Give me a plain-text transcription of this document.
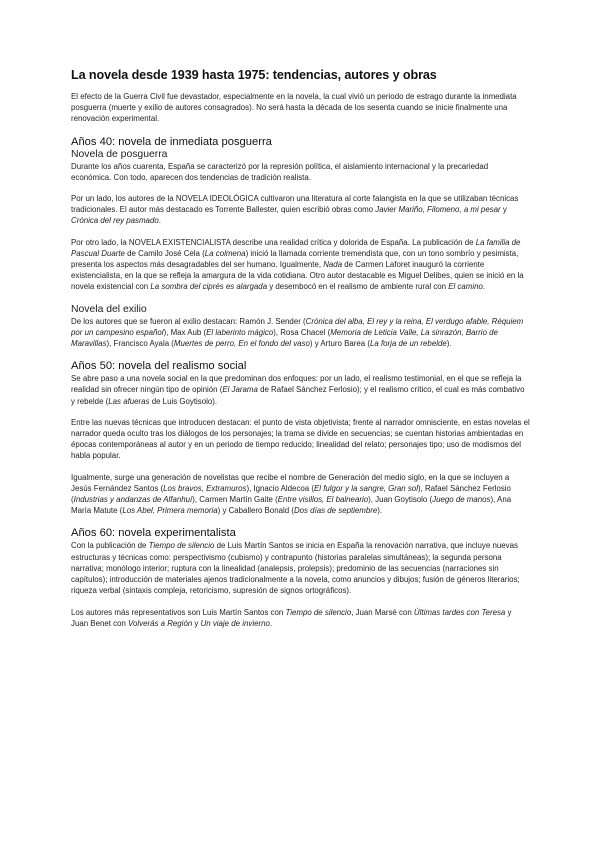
La novela desde 1939 hasta 1975: tendencias, autores y obras

El efecto de la Guerra Civil fue devastador, especialmente en la novela, la cual vivió un periodo de estrago durante la inmediata posguerra (muerte y exilio de autores consagrados). No será hasta la década de los sesenta cuando se inicie finalmente una renovación experimental.

Años 40: novela de inmediata posguerra
Novela de posguerra

Durante los años cuarenta, España se caracterizó por la represión política, el aislamiento internacional y la precariedad económica. Con todo, aparecen dos tendencias de tradición realista.

Por un lado, los autores de la NOVELA IDEOLÓGICA cultivaron una literatura al corte falangista en la que se utilizaban técnicas tradicionales. El autor más destacado es Torrente Ballester, quien escribió obras como Javier Mariño, Filomeno, a mi pesar y Crónica del rey pasmado.

Por otro lado, la NOVELA EXISTENCIALISTA describe una realidad crítica y dolorida de España. La publicación de La familia de Pascual Duarte de Camilo José Cela (La colmena) inició la llamada corriente tremendista que, con un tono sombrío y pesimista, presenta los aspectos más desagradables del ser humano. Igualmente, Nada de Carmen Laforet inauguró la corriente existencialista, en la que se refleja la amargura de la vida cotidiana. Otro autor destacable es Miguel Delibes, quien se inició en la novela existencial con La sombra del ciprés es alargada y desembocó en el realismo de ambiente rural con El camino.

Novela del exilio

De los autores que se fueron al exilio destacan: Ramón J. Sender (Crónica del alba, El rey y la reina, El verdugo afable, Réquiem por un campesino español), Max Aub (El laberinto mágico), Rosa Chacel (Memoria de Leticia Valle, La sinrazón, Barrio de Maravillas), Francisco Ayala (Muertes de perro, En el fondo del vaso) y Arturo Barea (La forja de un rebelde).

Años 50: novela del realismo social

Se abre paso a una novela social en la que predominan dos enfoques: por un lado, el realismo testimonial, en el que se refleja la realidad sin ofrecer ningún tipo de opinión (El Jarama de Rafael Sánchez Ferlosio); y el realismo crítico, el cual es más combativo y rebelde (Las afueras de Luis Goytisolo).

Entre las nuevas técnicas que introducen destacan: el punto de vista objetivista; frente al narrador omnisciente, en estas novelas el narrador queda oculto tras los diálogos de los personajes; la trama se divide en secuencias; se cuentan historias ambientadas en épocas contemporáneas al autor y en un periodo de tiempo reducido; linealidad del relato; personajes tipo; uso de modismos del habla popular.

Igualmente, surge una generación de novelistas que recibe el nombre de Generación del medio siglo, en la que se incluyen a Jesús Fernández Santos (Los bravos, Extramuros), Ignacio Aldecoa (El fulgor y la sangre, Gran sol), Rafael Sánchez Ferlosio (Industrias y andanzas de Alfanhuí), Carmen Martín Gaite (Entre visillos, El balneario), Juan Goytisolo (Juego de manos), Ana María Matute (Los Abel, Primera memoria) y Caballero Bonald (Dos días de septiembre).

Años 60: novela experimentalista

Con la publicación de Tiempo de silencio de Luis Martín Santos se inicia en España la renovación narrativa, que incluye nuevas estructuras y técnicas como: perspectivismo (cubismo) y contrapunto (historias paralelas simultáneas); la segunda persona narrativa; monólogo interior; ruptura con la linealidad (analepsis, prolepsis); predominio de las secuencias (narraciones sin capítulos); introducción de materiales ajenos tradicionalmente a la novela, como anuncios y dibujos; fusión de géneros literarios; riqueza verbal (sintaxis compleja, retoricismo, supresión de signos ortográficos).

Los autores más representativos son Luis Martín Santos con Tiempo de silencio, Juan Marsé con Últimas tardes con Teresa y Juan Benet con Volverás a Región y Un viaje de invierno.
